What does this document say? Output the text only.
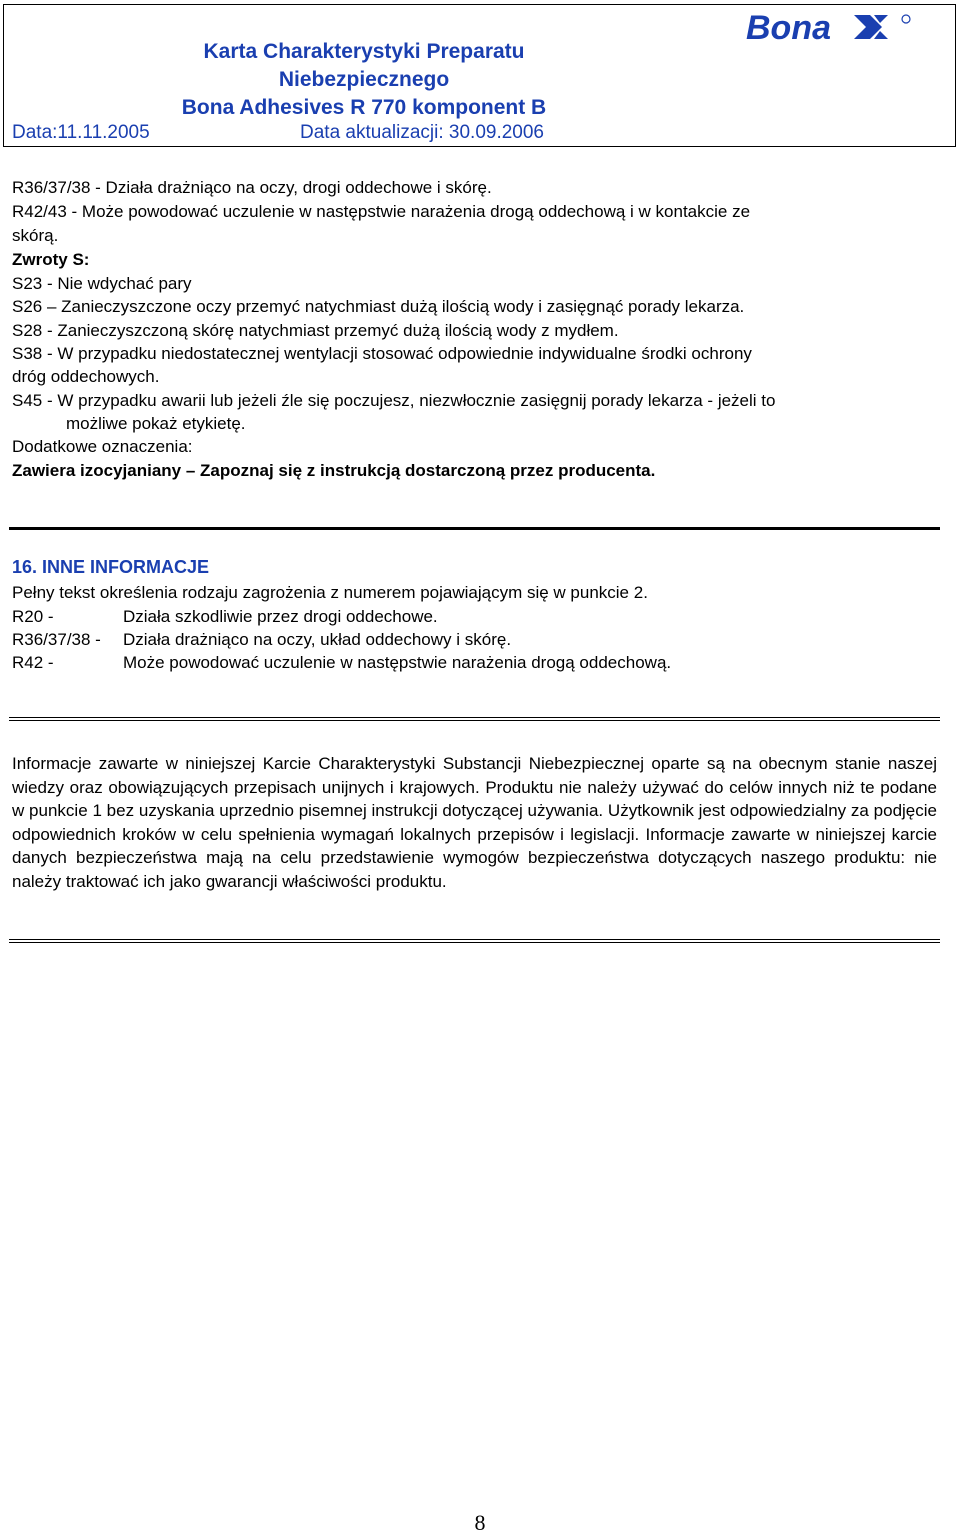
Bona
Karta Charakterystyki Preparatu
Niebezpiecznego
Bona Adhesives R 770 komponent B
Data:11.11.2005	Data aktualizacji: 30.09.2006
R36/37/38 - Działa drażniąco na oczy, drogi oddechowe i skórę.
R42/43 - Może powodować uczulenie w następstwie narażenia drogą oddechową i w kontakcie ze
skórą.
Zwroty S:
S23 - Nie wdychać pary
S26 – Zanieczyszczone oczy przemyć natychmiast dużą ilością wody i zasięgnąć porady lekarza.
S28 - Zanieczyszczoną skórę natychmiast przemyć dużą ilością wody z mydłem.
S38 - W przypadku niedostatecznej wentylacji stosować odpowiednie indywidualne środki ochrony
dróg oddechowych.
S45 - W przypadku awarii lub jeżeli źle się poczujesz, niezwłocznie zasięgnij porady lekarza - jeżeli to
możliwe pokaż etykietę.
Dodatkowe oznaczenia:
Zawiera izocyjaniany – Zapoznaj się z instrukcją dostarczoną przez producenta.
16. INNE INFORMACJE
Pełny tekst określenia rodzaju zagrożenia z numerem pojawiającym się w punkcie 2.
R20 -	Działa szkodliwie przez drogi oddechowe.
R36/37/38 - Działa drażniąco na oczy, układ oddechowy i skórę.
R42 -	Może powodować uczulenie w następstwie narażenia drogą oddechową.
Informacje zawarte w niniejszej Karcie Charakterystyki Substancji Niebezpiecznej oparte są na obecnym stanie naszej wiedzy oraz obowiązujących przepisach unijnych i krajowych. Produktu nie należy używać do celów innych niż te podane w punkcie 1 bez uzyskania uprzednio pisemnej instrukcji dotyczącej używania. Użytkownik jest odpowiedzialny za podjęcie odpowiednich kroków w celu spełnienia wymagań lokalnych przepisów i legislacji. Informacje zawarte w niniejszej karcie danych bezpieczeństwa mają na celu przedstawienie wymogów bezpieczeństwa dotyczących naszego produktu: nie należy traktować ich jako gwarancji właściwości produktu.
8
